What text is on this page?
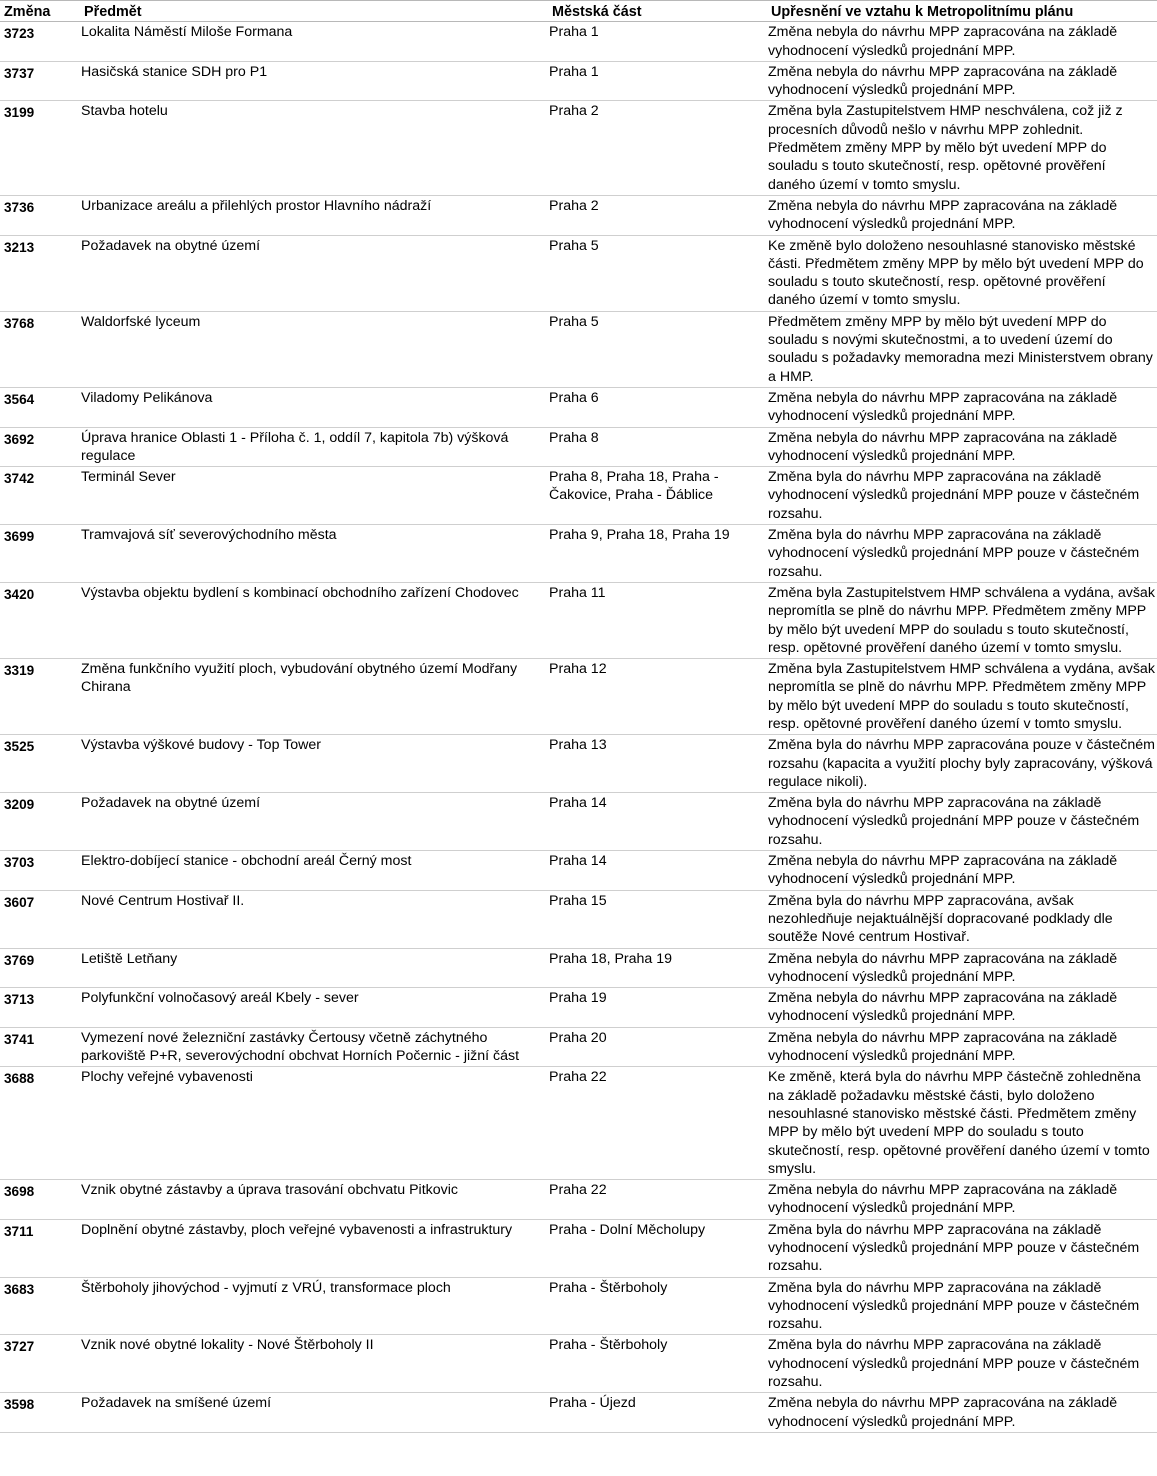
Změna	Předmět	Městská část	Upřesnění ve vztahu k Metropolitnímu plánu
3723	Lokalita Náměstí Miloše Formana	Praha 1	Změna nebyla do návrhu MPP zapracována na základě vyhodnocení výsledků projednání MPP.
3737	Hasičská stanice SDH pro P1	Praha 1	Změna nebyla do návrhu MPP zapracována na základě vyhodnocení výsledků projednání MPP.
3199	Stavba hotelu	Praha 2	Změna byla Zastupitelstvem HMP neschválena, což již z procesních důvodů nešlo v návrhu MPP zohlednit. Předmětem změny MPP by mělo být uvedení MPP do souladu s touto skutečností, resp. opětovné prověření daného území v tomto smyslu.
3736	Urbanizace areálu a přilehlých prostor Hlavního nádraží	Praha 2	Změna nebyla do návrhu MPP zapracována na základě vyhodnocení výsledků projednání MPP.
3213	Požadavek na obytné území	Praha 5	Ke změně bylo doloženo nesouhlasné stanovisko městské části. Předmětem změny MPP by mělo být uvedení MPP do souladu s touto skutečností, resp. opětovné prověření daného území v tomto smyslu.
3768	Waldorfské lyceum	Praha 5	Předmětem změny MPP by mělo být uvedení MPP do souladu s novými skutečnostmi, a to uvedení území do souladu s požadavky memoradna mezi Ministerstvem obrany a HMP.
3564	Viladomy Pelikánova	Praha 6	Změna nebyla do návrhu MPP zapracována na základě vyhodnocení výsledků projednání MPP.
3692	Úprava hranice Oblasti 1 - Příloha č. 1, oddíl 7, kapitola 7b) výšková regulace	Praha 8	Změna nebyla do návrhu MPP zapracována na základě vyhodnocení výsledků projednání MPP.
3742	Terminál Sever	Praha 8, Praha 18, Praha - Čakovice, Praha - Ďáblice	Změna byla do návrhu MPP zapracována na základě vyhodnocení výsledků projednání MPP pouze v částečném rozsahu.
3699	Tramvajová síť severovýchodního města	Praha 9, Praha 18, Praha 19	Změna byla do návrhu MPP zapracována na základě vyhodnocení výsledků projednání MPP pouze v částečném rozsahu.
3420	Výstavba objektu bydlení s kombinací obchodního zařízení Chodovec	Praha 11	Změna byla Zastupitelstvem HMP schválena a vydána, avšak nepromítla se plně do návrhu MPP. Předmětem změny MPP by mělo být uvedení MPP do souladu s touto skutečností, resp. opětovné prověření daného území v tomto smyslu.
3319	Změna funkčního využití ploch, vybudování obytného území Modřany Chirana	Praha 12	Změna byla Zastupitelstvem HMP schválena a vydána, avšak nepromítla se plně do návrhu MPP. Předmětem změny MPP by mělo být uvedení MPP do souladu s touto skutečností, resp. opětovné prověření daného území v tomto smyslu.
3525	Výstavba výškové budovy - Top Tower	Praha 13	Změna byla do návrhu MPP zapracována pouze v částečném rozsahu (kapacita a využití plochy byly zapracovány, výšková regulace nikoli).
3209	Požadavek na obytné území	Praha 14	Změna byla do návrhu MPP zapracována na základě vyhodnocení výsledků projednání MPP pouze v částečném rozsahu.
3703	Elektro-dobíjecí stanice - obchodní areál Černý most	Praha 14	Změna nebyla do návrhu MPP zapracována na základě vyhodnocení výsledků projednání MPP.
3607	Nové Centrum Hostivař II.	Praha 15	Změna byla do návrhu MPP zapracována, avšak nezohledňuje nejaktuálnější dopracované podklady dle soutěže Nové centrum Hostivař.
3769	Letiště Letňany	Praha 18, Praha 19	Změna nebyla do návrhu MPP zapracována na základě vyhodnocení výsledků projednání MPP.
3713	Polyfunkční volnočasový areál Kbely - sever	Praha 19	Změna nebyla do návrhu MPP zapracována na základě vyhodnocení výsledků projednání MPP.
3741	Vymezení nové železniční zastávky Čertousy včetně záchytného parkoviště P+R, severovýchodní obchvat Horních Počernic - jižní část	Praha 20	Změna nebyla do návrhu MPP zapracována na základě vyhodnocení výsledků projednání MPP.
3688	Plochy veřejné vybavenosti	Praha 22	Ke změně, která byla do návrhu MPP částečně zohledněna na základě požadavku městské části, bylo doloženo nesouhlasné stanovisko městské části. Předmětem změny MPP by mělo být uvedení MPP do souladu s touto skutečností, resp. opětovné prověření daného území v tomto smyslu.
3698	Vznik obytné zástavby a úprava trasování obchvatu Pitkovic	Praha 22	Změna nebyla do návrhu MPP zapracována na základě vyhodnocení výsledků projednání MPP.
3711	Doplnění obytné zástavby, ploch veřejné vybavenosti a infrastruktury	Praha - Dolní Měcholupy	Změna byla do návrhu MPP zapracována na základě vyhodnocení výsledků projednání MPP pouze v částečném rozsahu.
3683	Štěrboholy jihovýchod - vyjmutí z VRÚ, transformace ploch	Praha - Štěrboholy	Změna byla do návrhu MPP zapracována na základě vyhodnocení výsledků projednání MPP pouze v částečném rozsahu.
3727	Vznik nové obytné lokality - Nové Štěrboholy II	Praha - Štěrboholy	Změna byla do návrhu MPP zapracována na základě vyhodnocení výsledků projednání MPP pouze v částečném rozsahu.
3598	Požadavek na smíšené území	Praha - Újezd	Změna nebyla do návrhu MPP zapracována na základě vyhodnocení výsledků projednání MPP.
